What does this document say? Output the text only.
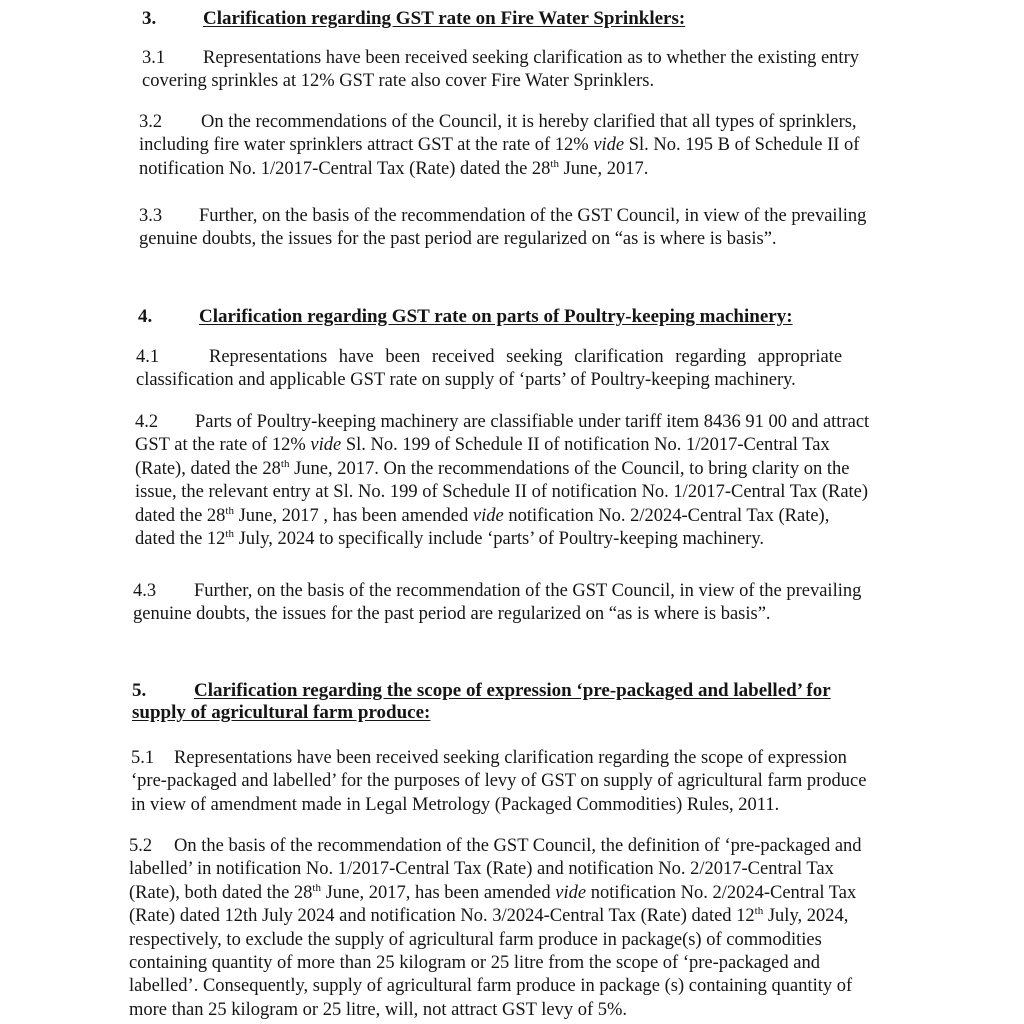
3. Clarification regarding GST rate on Fire Water Sprinklers:
3.1 Representations have been received seeking clarification as to whether the existing entry
covering sprinkles at 12% GST rate also cover Fire Water Sprinklers.
3.2 On the recommendations of the Council, it is hereby clarified that all types of sprinklers,
including fire water sprinklers attract GST at the rate of 12% vide Sl. No. 195 B of Schedule II of
notification No. 1/2017-Central Tax (Rate) dated the 28th June, 2017.
3.3 Further, on the basis of the recommendation of the GST Council, in view of the prevailing
genuine doubts, the issues for the past period are regularized on “as is where is basis”.
4. Clarification regarding GST rate on parts of Poultry-keeping machinery:
4.1	Representations have been received seeking clarification regarding appropriate
classification and applicable GST rate on supply of ‘parts’ of Poultry-keeping machinery.
4.2 Parts of Poultry-keeping machinery are classifiable under tariff item 8436 91 00 and attract
GST at the rate of 12% vide Sl. No. 199 of Schedule II of notification No. 1/2017-Central Tax
(Rate), dated the 28th June, 2017. On the recommendations of the Council, to bring clarity on the
issue, the relevant entry at Sl. No. 199 of Schedule II of notification No. 1/2017-Central Tax (Rate)
dated the 28th June, 2017 , has been amended vide notification No. 2/2024-Central Tax (Rate),
dated the 12th July, 2024 to specifically include ‘parts’ of Poultry-keeping machinery.
4.3 Further, on the basis of the recommendation of the GST Council, in view of the prevailing
genuine doubts, the issues for the past period are regularized on “as is where is basis”.
5.	Clarification regarding the scope of expression ‘pre-packaged and labelled’ for
supply of agricultural farm produce:
5.1 Representations have been received seeking clarification regarding the scope of expression
‘pre-packaged and labelled’ for the purposes of levy of GST on supply of agricultural farm produce
in view of amendment made in Legal Metrology (Packaged Commodities) Rules, 2011.
5.2 On the basis of the recommendation of the GST Council, the definition of ‘pre-packaged and
labelled’ in notification No. 1/2017-Central Tax (Rate) and notification No. 2/2017-Central Tax
(Rate), both dated the 28th June, 2017, has been amended vide notification No. 2/2024-Central Tax
(Rate) dated 12th July 2024 and notification No. 3/2024-Central Tax (Rate) dated 12th July, 2024,
respectively, to exclude the supply of agricultural farm produce in package(s) of commodities
containing quantity of more than 25 kilogram or 25 litre from the scope of ‘pre-packaged and
labelled’. Consequently, supply of agricultural farm produce in package (s) containing quantity of
more than 25 kilogram or 25 litre, will, not attract GST levy of 5%.
